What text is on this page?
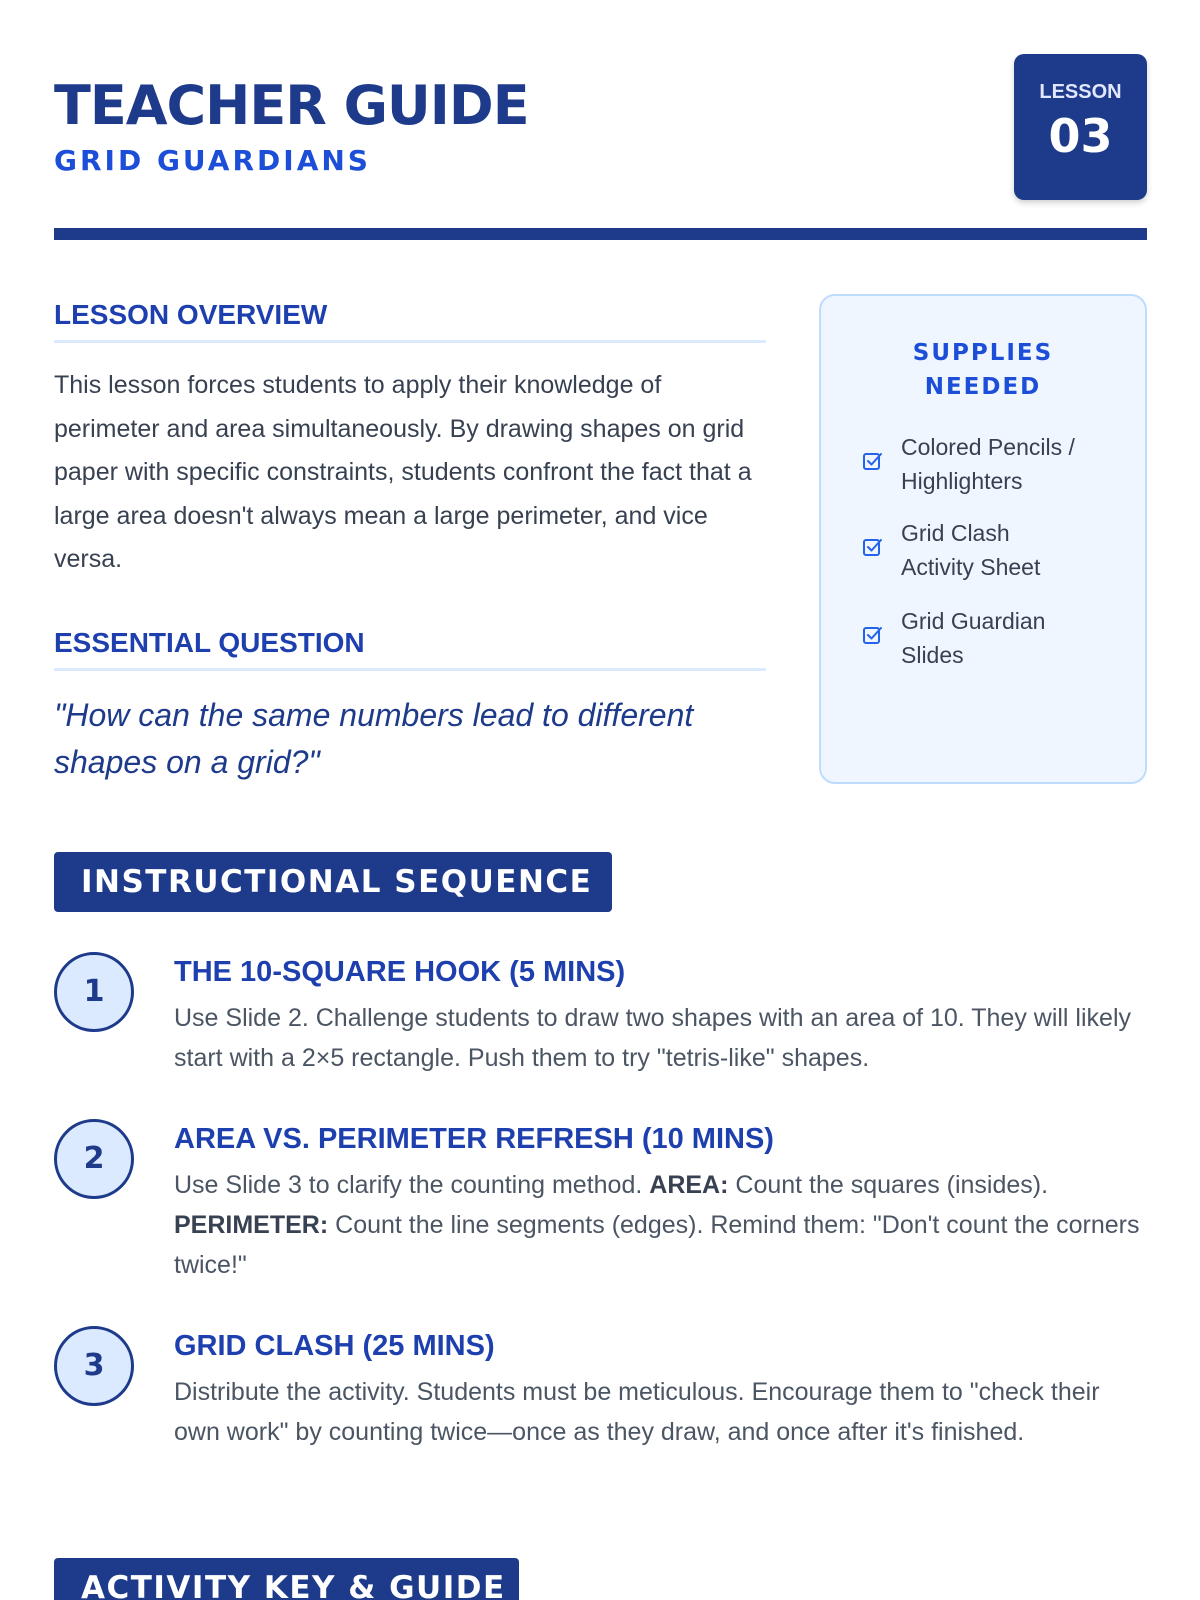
TEACHER GUIDE
GRID GUARDIANS
LESSON
03
LESSON OVERVIEW

This lesson forces students to apply their knowledge of perimeter and area simultaneously. By drawing shapes on grid paper with specific constraints, students confront the fact that a large area doesn't always mean a large perimeter, and vice versa.

ESSENTIAL QUESTION

"How can the same numbers lead to different shapes on a grid?"

SUPPLIES NEEDED
Colored Pencils / Highlighters
Grid Clash Activity Sheet
Grid Guardian Slides
INSTRUCTIONAL SEQUENCE
1
THE 10-SQUARE HOOK (5 MINS)

Use Slide 2. Challenge students to draw two shapes with an area of 10. They will likely start with a 2×5 rectangle. Push them to try "tetris-like" shapes.

2
AREA VS. PERIMETER REFRESH (10 MINS)

Use Slide 3 to clarify the counting method. AREA: Count the squares (insides). PERIMETER: Count the line segments (edges). Remind them: "Don't count the corners twice!"

3
GRID CLASH (25 MINS)

Distribute the activity. Students must be meticulous. Encourage them to "check their own work" by counting twice—once as they draw, and once after it's finished.

ACTIVITY KEY & GUIDE
